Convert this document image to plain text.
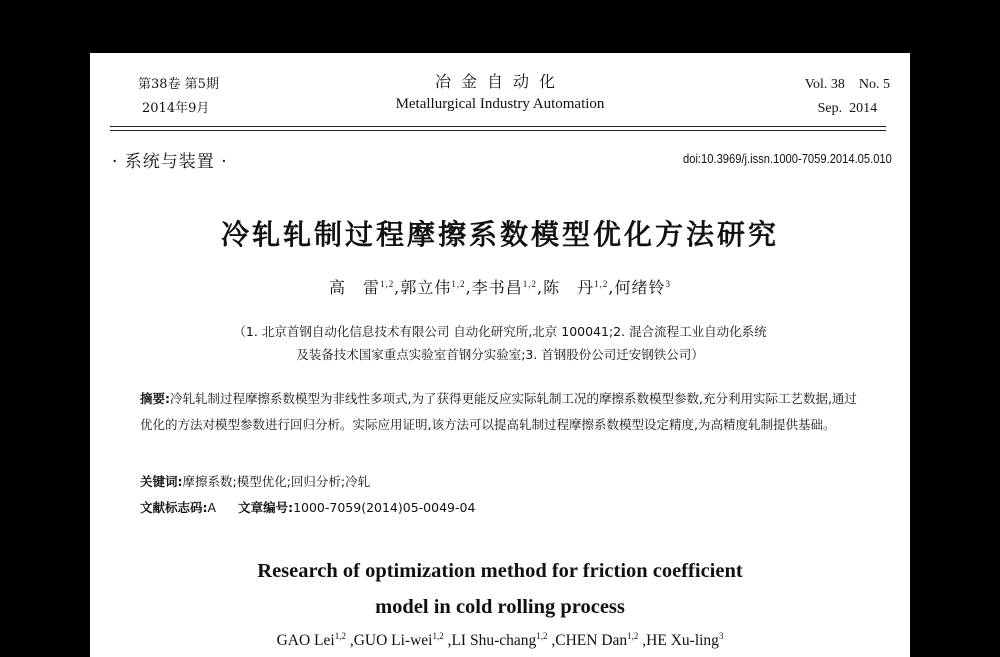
第38卷 第5期
2014年9月
冶金自动化
Metallurgical Industry Automation
Vol. 38    No. 5
Sep.  2014
· 系统与装置 ·	doi:10.3969/j.issn.1000-7059.2014.05.010
冷轧轧制过程摩擦系数模型优化方法研究
高　雷$^{1,2}$,郭立伟$^{1,2}$,李书昌$^{1,2}$,陈　丹$^{1,2}$,何绪铃$^3$
（1. 北京首钢自动化信息技术有限公司 自动化研究所,北京 100041;2. 混合流程工业自动化系统
及装备技术国家重点实验室首钢分实验室;3. 首钢股份公司迁安钢铁公司）
摘要:冷轧轧制过程摩擦系数模型为非线性多项式,为了获得更能反应实际轧制工况的摩擦系数模型参数,充分利用实际工艺数据,通过优化的方法对模型参数进行回归分析。实际应用证明,该方法可以提高轧制过程摩擦系数模型设定精度,为高精度轧制提供基础。
关键词:摩擦系数;模型优化;回归分析;冷轧
文献标志码:A 文章编号:1000-7059(2014)05-0049-04
Research of optimization method for friction coefficient
model in cold rolling process
GAO Lei$^{1,2}$ ,GUO Li-wei$^{1,2}$ ,LI Shu-chang$^{1,2}$ ,CHEN Dan$^{1,2}$ ,HE Xu-ling$^3$
